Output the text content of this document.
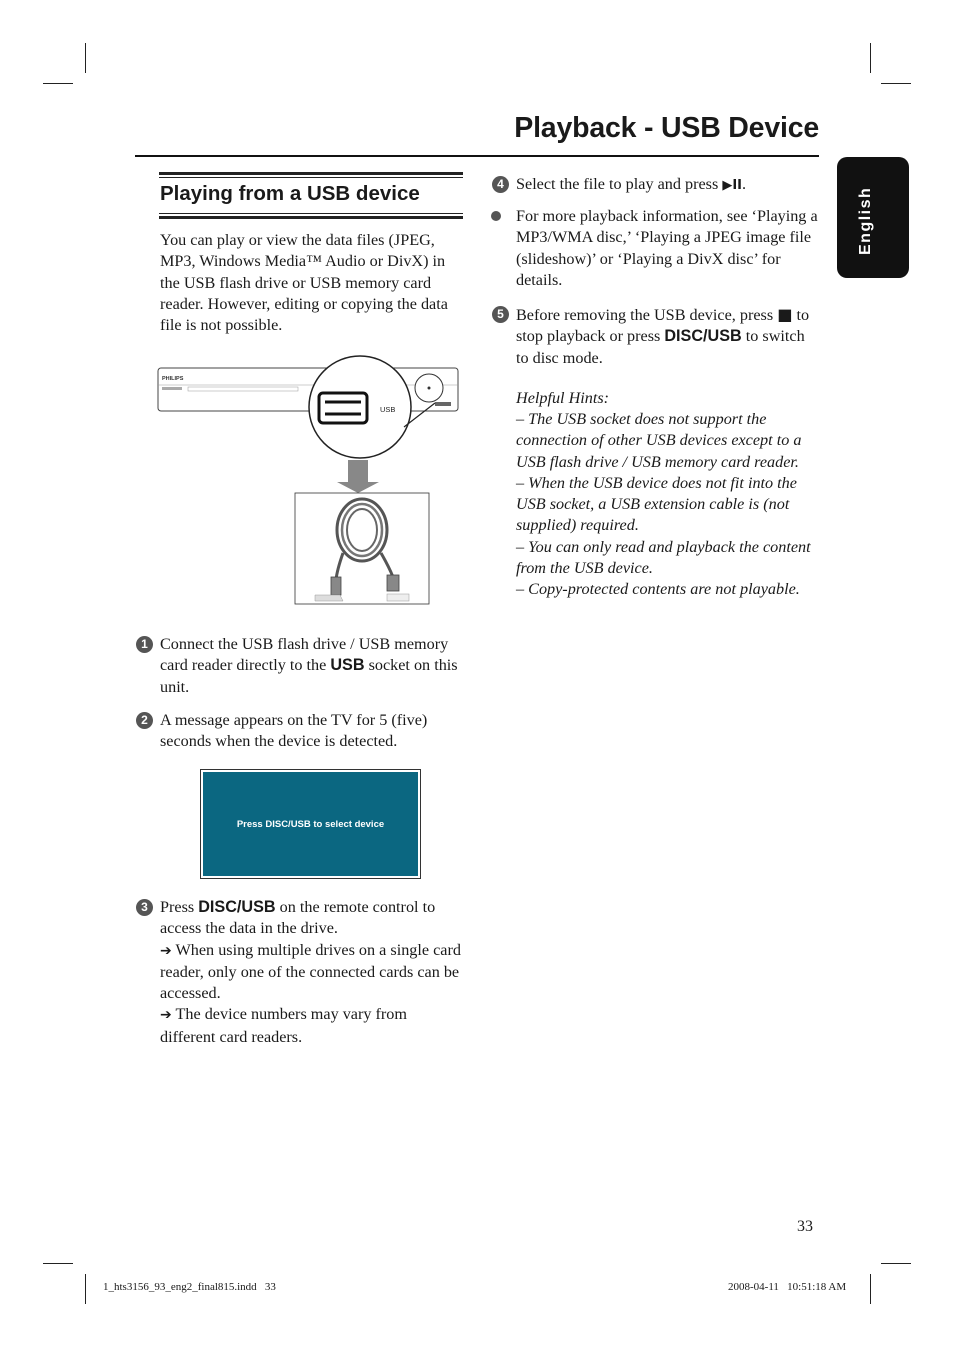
Playback - USB Device
English
Playing from a USB device
You can play or view the data files (JPEG, MP3, Windows Media™ Audio or DivX) in the USB flash drive or USB memory card reader. However, editing or copying the data file is not possible.
PHILIPS
USB
1 Connect the USB flash drive / USB memory card reader directly to the USB socket on this unit.
2 A message appears on the TV for 5 (five) seconds when the device is detected.
Press DISC/USB to select device
3 Press DISC/USB on the remote control to access the data in the drive.
➔ When using multiple drives on a single card reader, only one of the connected cards can be accessed.
➔ The device numbers may vary from different card readers.
4 Select the file to play and press ▶II.
For more playback information, see ‘Playing a MP3/WMA disc,’ ‘Playing a JPEG image file (slideshow)’ or ‘Playing a DivX disc’ for details.
5 Before removing the USB device, press ■ to stop playback or press DISC/USB to switch to disc mode.
Helpful Hints:
– The USB socket does not support the connection of other USB devices except to a USB flash drive / USB memory card reader.
– When the USB device does not fit into the USB socket, a USB extension cable is (not supplied) required.
– You can only read and playback the content from the USB device.
– Copy-protected contents are not playable.
33
1_hts3156_93_eng2_final815.indd   33	2008-04-11   10:51:18 AM
